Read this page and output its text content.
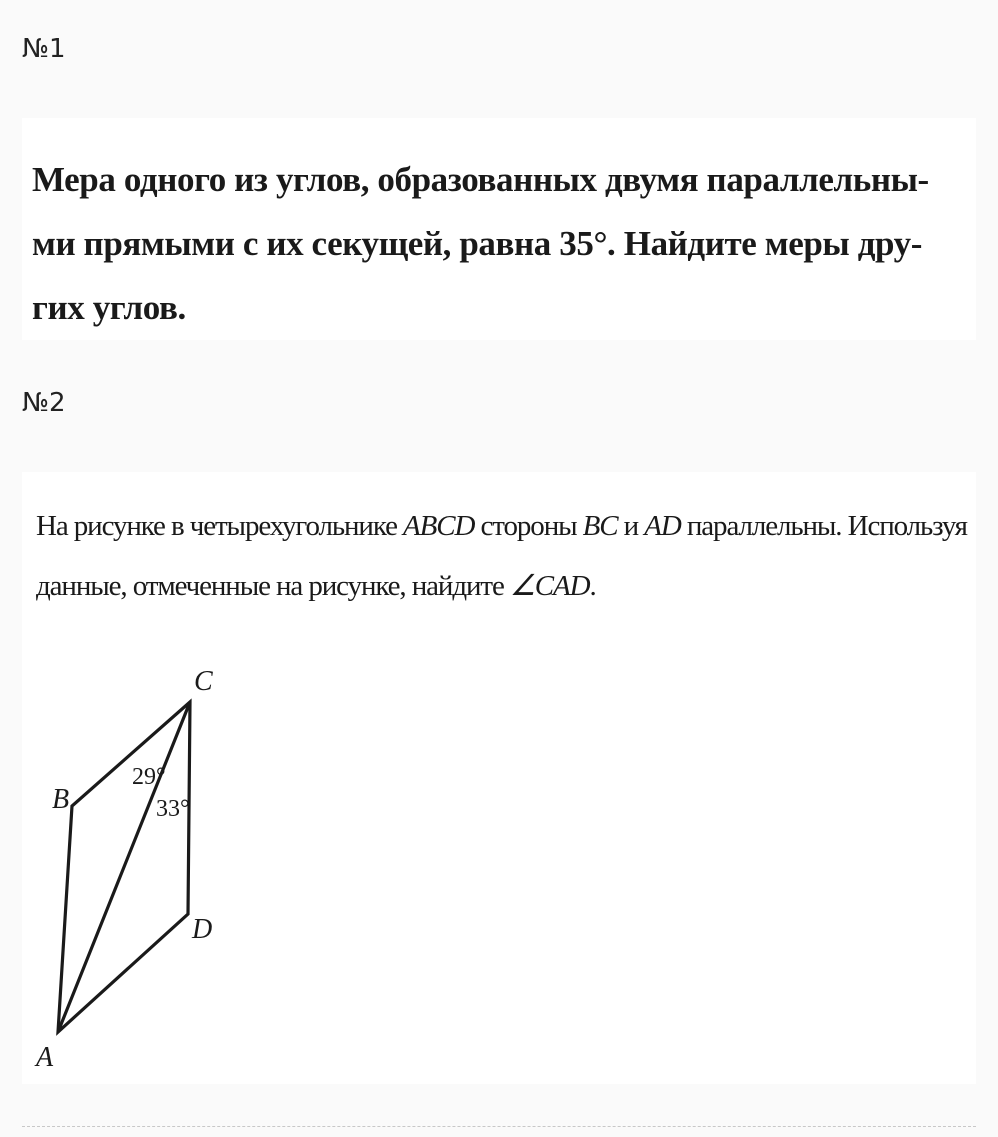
№1
Мера одного из углов, образованных двумя параллельны-
ми прямыми с их секущей, равна 35°. Найдите меры дру-
гих углов.
№2
На рисунке в четырехугольнике ABCD стороны BC и AD параллельны. Используя
данные, отмеченные на рисунке, найдите ∠CAD.
A
B
C
D
29°
33°
